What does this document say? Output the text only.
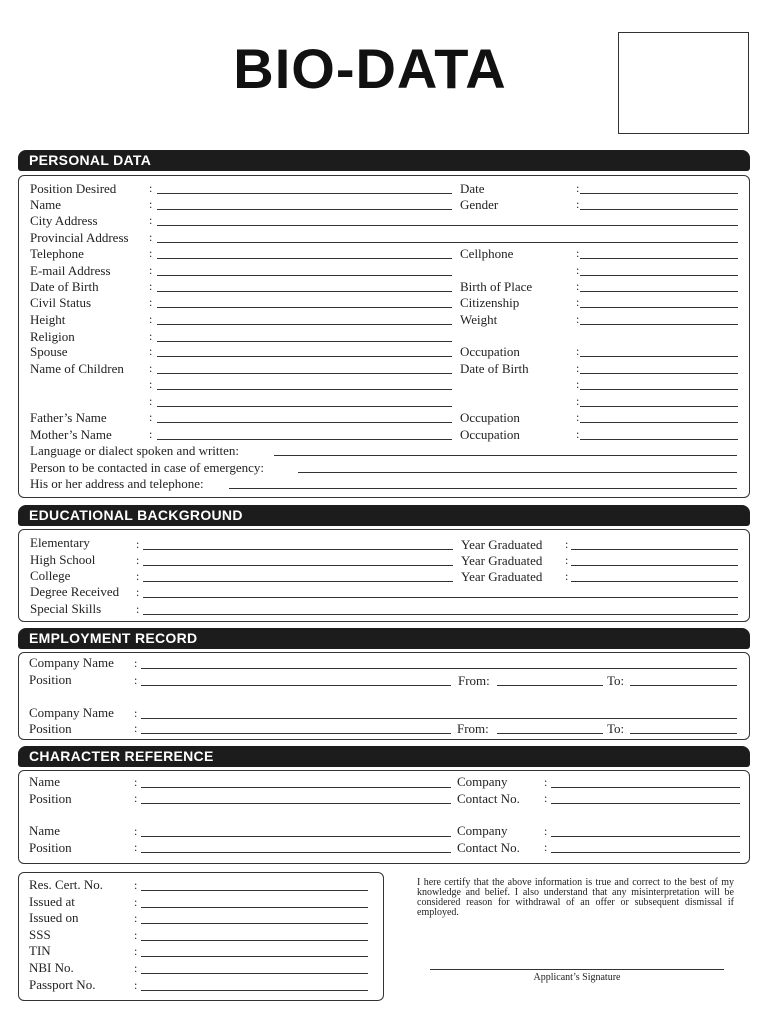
BIO-DATA
PERSONAL DATA
Position Desired	:	Date	:
Name	:	Gender	:
City Address	:
Provincial Address :
Telephone	:	Cellphone	:
E-mail Address	:	:
Date of Birth	:	Birth of Place	:
Civil Status	:	Citizenship	:
Height	:	Weight	:
Religion	:
Spouse	:	Occupation	:
Name of Children :	Date of Birth	:
:	:
:	:
Father’s Name	:	Occupation	:
Mother’s Name	:	Occupation	:
Language or dialect spoken and written:
Person to be contacted in case of emergency:
His or her address and telephone:
EDUCATIONAL BACKGROUND
Elementary	:	Year Graduated :
High School	:	Year Graduated :
College	:	Year Graduated :
Degree Received :
Special Skills	:
EMPLOYMENT RECORD
Company Name :
Position	:	From:	To:
Company Name :
Position	:	From:	To:
CHARACTER REFERENCE
Name	:	Company	:
Position	:	Contact No. :
Name	:	Company	:
Position	:	Contact No. :
Res. Cert. No.	:
Issued at	:
Issued on	:
SSS	:
TIN	:
NBI No.	:
Passport No.	:
I here certify that the above information is true and correct to the best of my knowledge and belief. I also understand that any misinterpretation will be considered reason for withdrawal of an offer or subsequent dismissal if employed.
Applicant’s Signature
